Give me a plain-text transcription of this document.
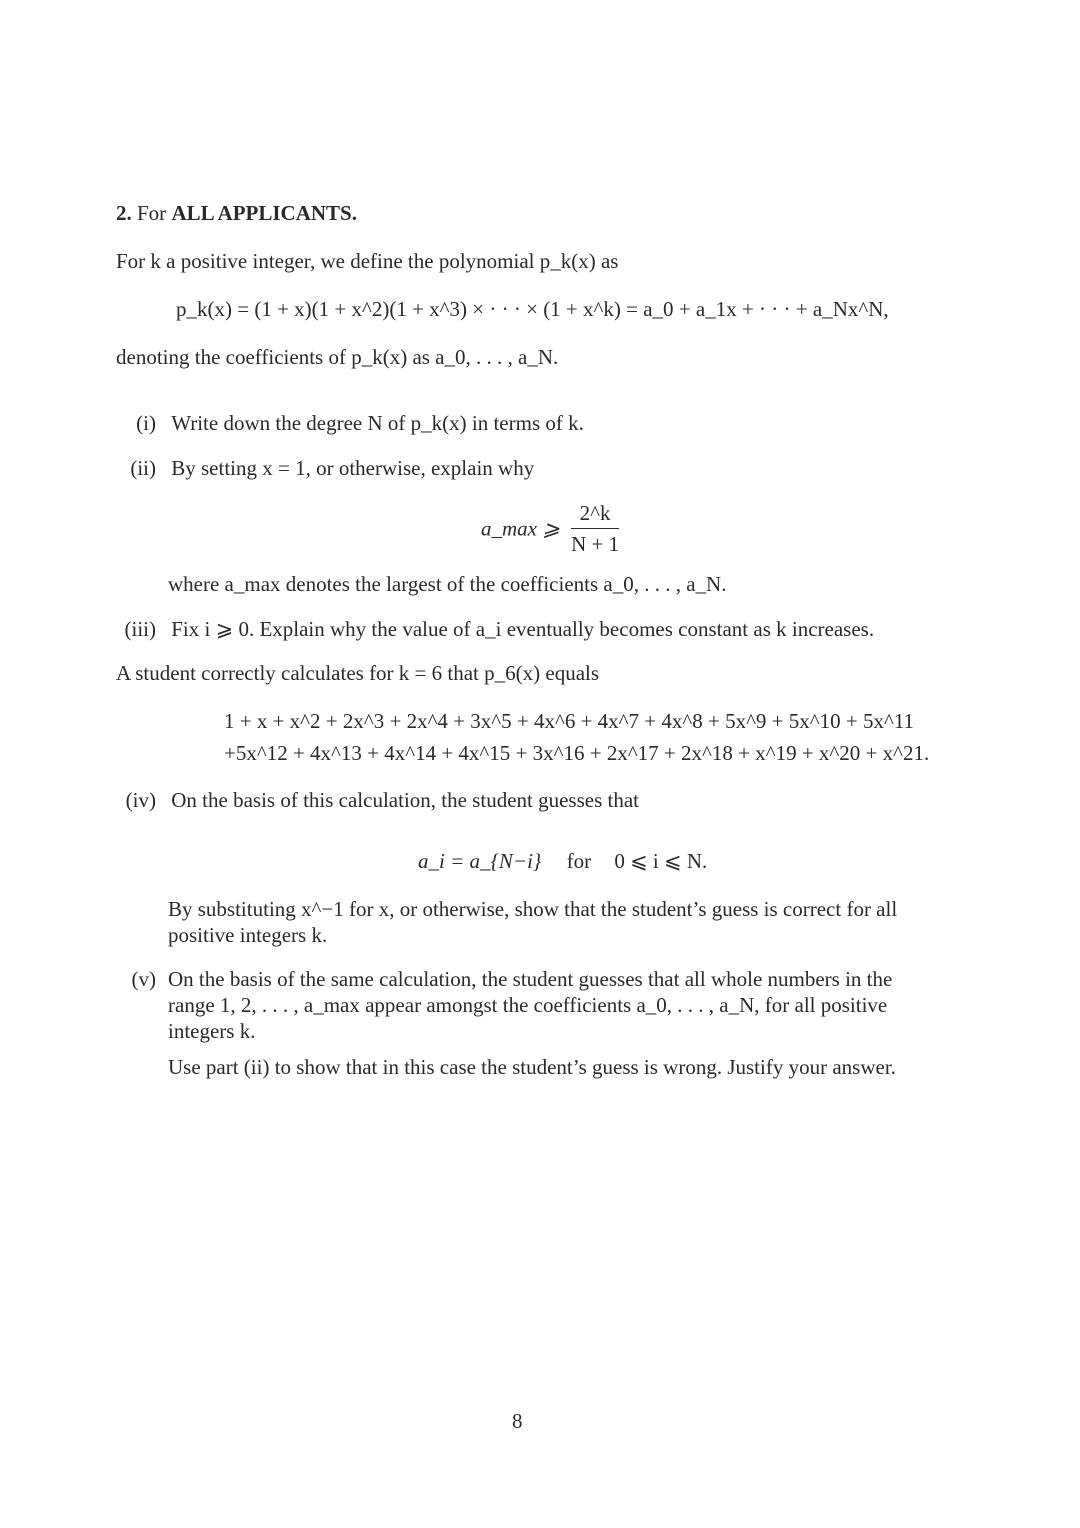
2. For ALL APPLICANTS.
For k a positive integer, we define the polynomial p_k(x) as
p_k(x) = (1 + x)(1 + x^2)(1 + x^3) × · · · × (1 + x^k) = a_0 + a_1x + · · · + a_Nx^N,
denoting the coefficients of p_k(x) as a_0, . . . , a_N.
(i) Write down the degree N of p_k(x) in terms of k.
(ii) By setting x = 1, or otherwise, explain why
a_max ⩾ $\frac{2\^{}k}{N + 1}$
where a_max denotes the largest of the coefficients a_0, . . . , a_N.
(iii) Fix i ⩾ 0. Explain why the value of a_i eventually becomes constant as k increases.
A student correctly calculates for k = 6 that p_6(x) equals
1 + x + x^2 + 2x^3 + 2x^4 + 3x^5 + 4x^6 + 4x^7 + 4x^8 + 5x^9 + 5x^10 + 5x^11
+5x^12 + 4x^13 + 4x^14 + 4x^15 + 3x^16 + 2x^17 + 2x^18 + x^19 + x^20 + x^21.
(iv) On the basis of this calculation, the student guesses that
a_i = a_{N−i} for 0 ⩽ i ⩽ N.
By substituting x^−1 for x, or otherwise, show that the student’s guess is correct for all positive integers k.
(v) On the basis of the same calculation, the student guesses that all whole numbers in the range 1, 2, . . . , a_max appear amongst the coefficients a_0, . . . , a_N, for all positive integers k.
Use part (ii) to show that in this case the student’s guess is wrong. Justify your answer.
8
